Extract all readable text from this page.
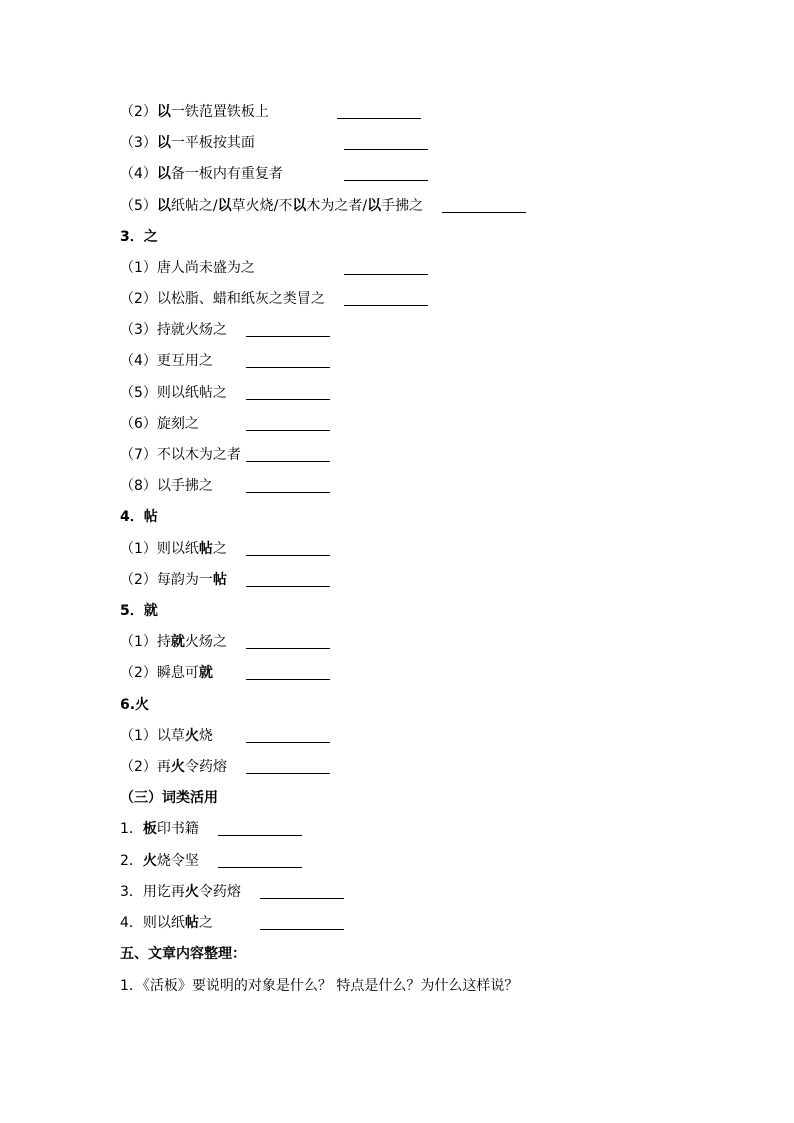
（2）以一铁范置铁板上
（3）以一平板按其面
（4）以备一板内有重复者
（5）以纸帖之/以草火烧/不以木为之者/以手拂之
3．之
（1）唐人尚未盛为之
（2）以松脂、蜡和纸灰之类冒之
（3）持就火炀之
（4）更互用之
（5）则以纸帖之
（6）旋刻之
（7）不以木为之者
（8）以手拂之
4．帖
（1）则以纸帖之
（2）每韵为一帖
5．就
（1）持就火炀之
（2）瞬息可就
6.火
（1）以草火烧
（2）再火令药熔
（三）词类活用
1．板印书籍
2．火烧令坚
3．用讫再火令药熔
4．则以纸帖之
五、文章内容整理：
1．《活板》要说明的对象是什么？ 特点是什么？为什么这样说？
